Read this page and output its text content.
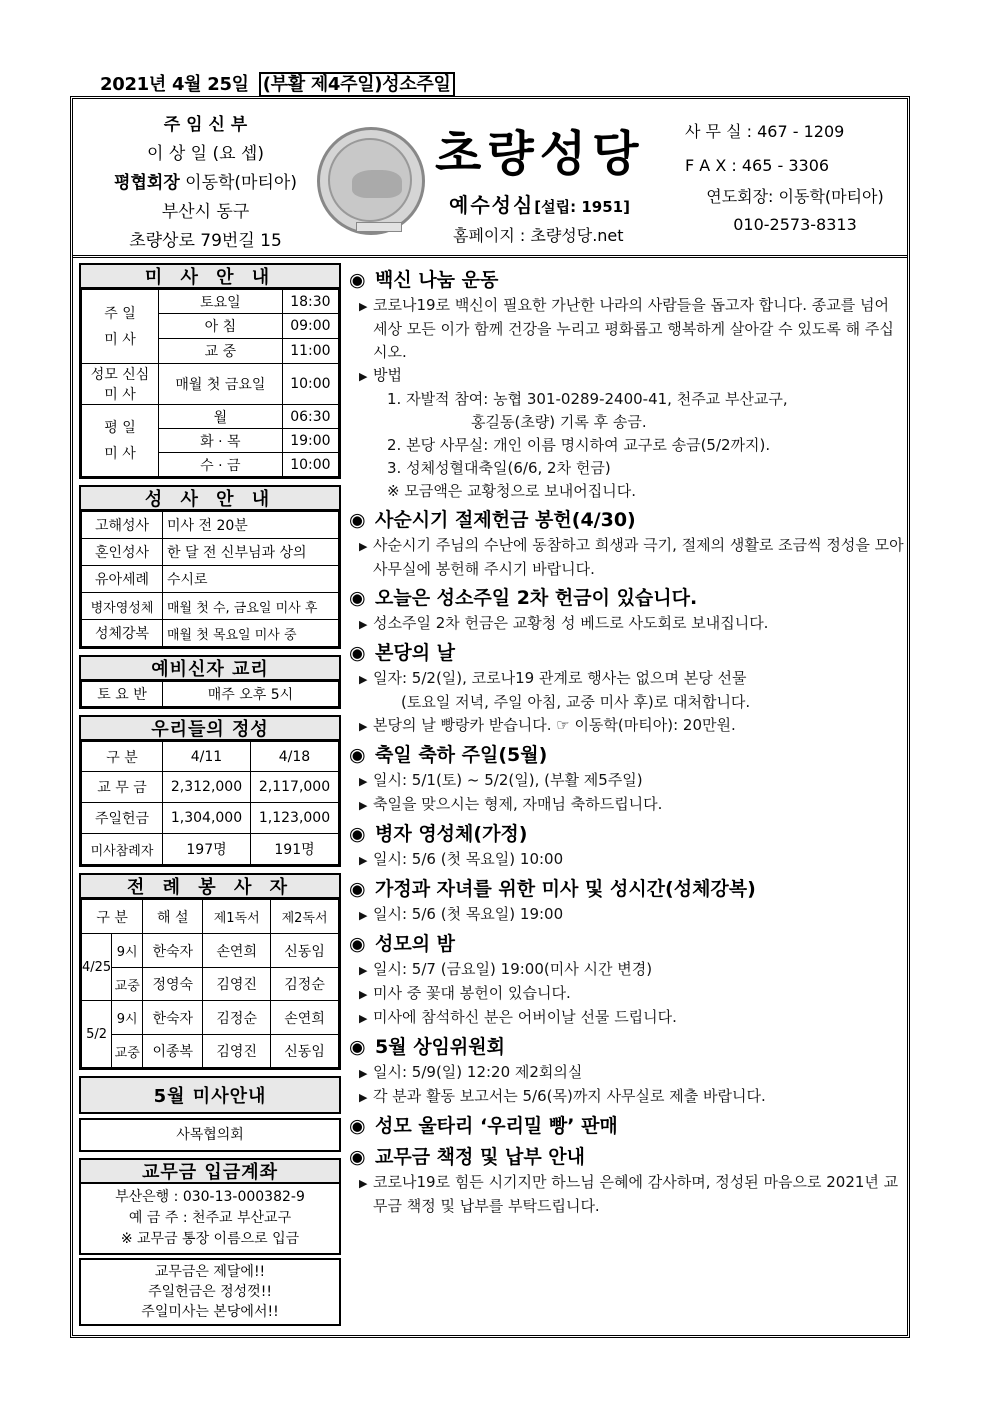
2021년 4월 25일 (부활 제4주일)성소주일
주 임 신 부
이 상 일 (요 셉)
평협회장 이동학(마티아)
부산시 동구
초량상로 79번길 15
초량성당
예수성심[설립: 1951]
홈페이지 : 초량성당.net
사 무 실 : 467 - 1209
F A X : 465 - 3306
연도회장: 이동학(마티아)
010-2573-8313
미 사 안 내
주 일
미 사	토요일	18:30
	아 침	09:00
	교 중	11:00
성모 신심 미 사	매월 첫 금요일	10:00
평 일
미 사	월	06:30
	화 · 목	19:00
	수 · 금	10:00
성 사 안 내
고해성사	미사 전 20분
혼인성사	한 달 전 신부님과 상의
유아세례	수시로
병자영성체	매월 첫 수, 금요일 미사 후
성체강복	매월 첫 목요일 미사 중
예비신자 교리
토 요 반	매주 오후 5시
우리들의 정성
구 분	4/11	4/18
교 무 금	2,312,000	2,117,000
주일헌금	1,304,000	1,123,000
미사참례자	197명	191명
전 례 봉 사 자
구 분		해 설	제1독서	제2독서
4/25	9시	한숙자	손연희	신동임
	교중	정영숙	김영진	김정순
5/2	9시	한숙자	김정순	손연희
	교중	이종복	김영진	신동임
5월 미사안내
사목협의회
교무금 입금계좌
부산은행 : 030-13-000382-9
예 금 주 : 천주교 부산교구
※ 교무금 통장 이름으로 입금
교무금은 제달에!!
주일헌금은 정성껏!!
주일미사는 본당에서!!
◉ 백신 나눔 운동
▶ 코로나19로 백신이 필요한 가난한 나라의 사람들을 돕고자 합니다. 종교를 넘어 세상 모든 이가 함께 건강을 누리고 평화롭고 행복하게 살아갈 수 있도록 해 주십시오.
▶ 방법
1. 자발적 참여: 농협 301-0289-2400-41, 천주교 부산교구,
홍길동(초량) 기록 후 송금.
2. 본당 사무실: 개인 이름 명시하여 교구로 송금(5/2까지).
3. 성체성혈대축일(6/6, 2차 헌금)
※ 모금액은 교황청으로 보내어집니다.
◉ 사순시기 절제헌금 봉헌(4/30)
▶ 사순시기 주님의 수난에 동참하고 희생과 극기, 절제의 생활로 조금씩 정성을 모아 사무실에 봉헌해 주시기 바랍니다.
◉ 오늘은 성소주일 2차 헌금이 있습니다.
▶ 성소주일 2차 헌금은 교황청 성 베드로 사도회로 보내집니다.
◉ 본당의 날
▶ 일자: 5/2(일), 코로나19 관계로 행사는 없으며 본당 선물
(토요일 저녁, 주일 아침, 교중 미사 후)로 대처합니다.
▶ 본당의 날 빵랑카 받습니다. ☞ 이동학(마티아): 20만원.
◉ 축일 축하 주일(5월)
▶ 일시: 5/1(토) ~ 5/2(일), (부활 제5주일)
▶ 축일을 맞으시는 형제, 자매님 축하드립니다.
◉ 병자 영성체(가정)
▶ 일시: 5/6 (첫 목요일) 10:00
◉ 가정과 자녀를 위한 미사 및 성시간(성체강복)
▶ 일시: 5/6 (첫 목요일) 19:00
◉ 성모의 밤
▶ 일시: 5/7 (금요일) 19:00(미사 시간 변경)
▶ 미사 중 꽃대 봉헌이 있습니다.
▶ 미사에 참석하신 분은 어버이날 선물 드립니다.
◉ 5월 상임위원회
▶ 일시: 5/9(일) 12:20 제2회의실
▶ 각 분과 활동 보고서는 5/6(목)까지 사무실로 제출 바랍니다.
◉ 성모 울타리 ‘우리밀 빵’ 판매
◉ 교무금 책정 및 납부 안내
▶ 코로나19로 힘든 시기지만 하느님 은혜에 감사하며, 정성된 마음으로 2021년 교무금 책정 및 납부를 부탁드립니다.
